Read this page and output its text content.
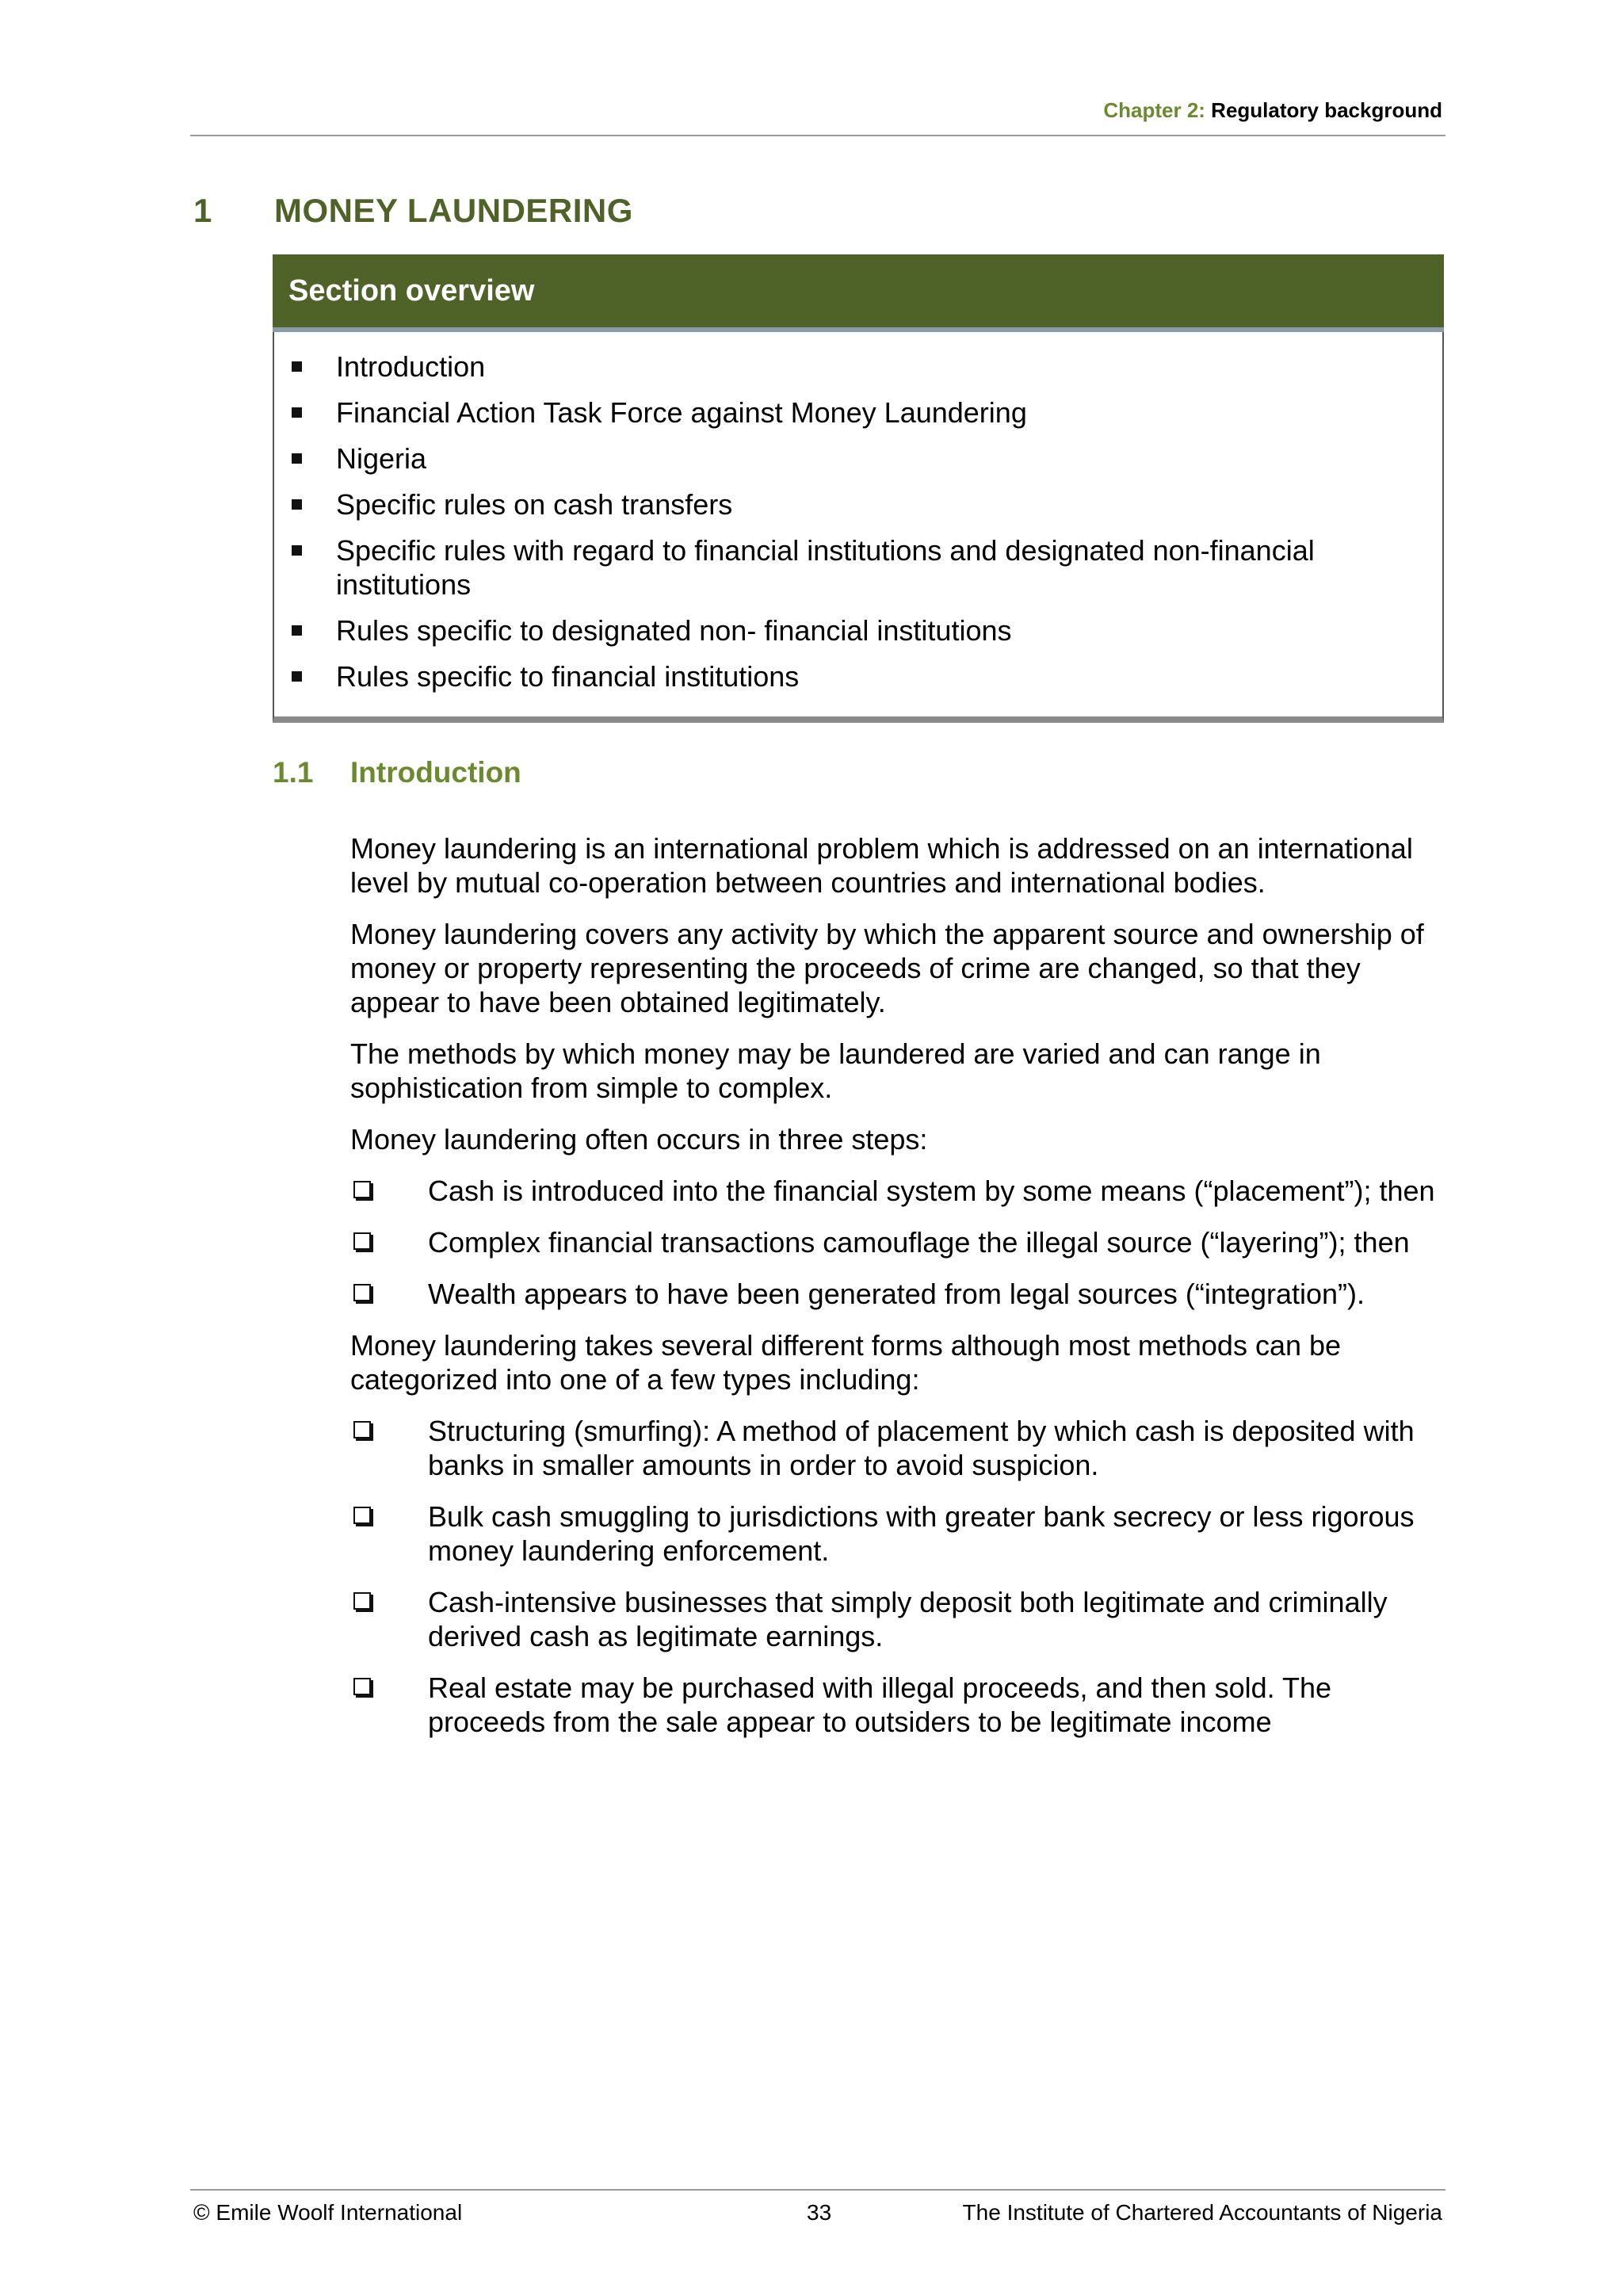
Chapter 2: Regulatory background
1 MONEY LAUNDERING
Section overview
Introduction
Financial Action Task Force against Money Laundering
Nigeria
Specific rules on cash transfers
Specific rules with regard to financial institutions and designated non-financial institutions
Rules specific to designated non- financial institutions
Rules specific to financial institutions
1.1 Introduction

Money laundering is an international problem which is addressed on an international level by mutual co-operation between countries and international bodies.

Money laundering covers any activity by which the apparent source and ownership of money or property representing the proceeds of crime are changed, so that they appear to have been obtained legitimately.

The methods by which money may be laundered are varied and can range in sophistication from simple to complex.

Money laundering often occurs in three steps:

Cash is introduced into the financial system by some means (“placement”); then
Complex financial transactions camouflage the illegal source (“layering”); then
Wealth appears to have been generated from legal sources (“integration”).

Money laundering takes several different forms although most methods can be categorized into one of a few types including:

Structuring (smurfing): A method of placement by which cash is deposited with banks in smaller amounts in order to avoid suspicion.
Bulk cash smuggling to jurisdictions with greater bank secrecy or less rigorous money laundering enforcement.
Cash-intensive businesses that simply deposit both legitimate and criminally derived cash as legitimate earnings.
Real estate may be purchased with illegal proceeds, and then sold. The proceeds from the sale appear to outsiders to be legitimate income
© Emile Woolf International	33	The Institute of Chartered Accountants of Nigeria
